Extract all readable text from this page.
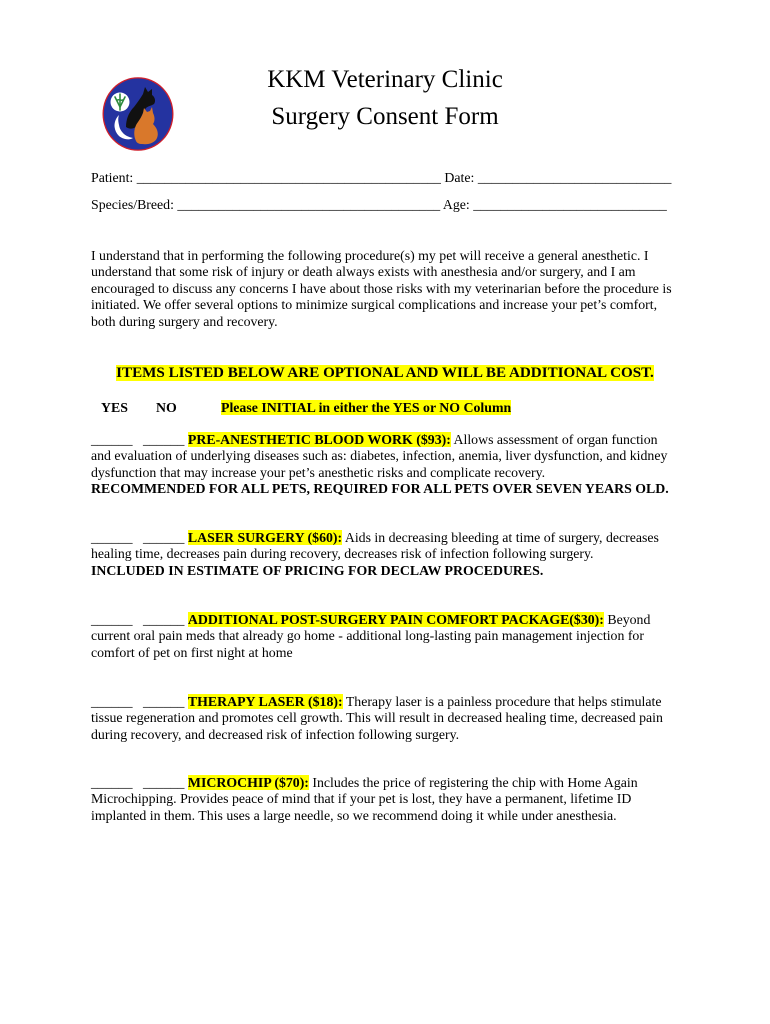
KKM Veterinary Clinic
Surgery Consent Form
Patient: ____________________________________________ Date: ____________________________
Species/Breed: ______________________________________ Age: ____________________________
I understand that in performing the following procedure(s) my pet will receive a general anesthetic. I
understand that some risk of injury or death always exists with anesthesia and/or surgery, and I am
encouraged to discuss any concerns I have about those risks with my veterinarian before the procedure is
initiated. We offer several options to minimize surgical complications and increase your pet’s comfort,
both during surgery and recovery.
ITEMS LISTED BELOW ARE OPTIONAL AND WILL BE ADDITIONAL COST.
YES NO	Please INITIAL in either the YES or NO Column
______ ______ PRE-ANESTHETIC BLOOD WORK ($93): Allows assessment of organ function
and evaluation of underlying diseases such as: diabetes, infection, anemia, liver dysfunction, and kidney
dysfunction that may increase your pet’s anesthetic risks and complicate recovery.
RECOMMENDED FOR ALL PETS, REQUIRED FOR ALL PETS OVER SEVEN YEARS OLD.
______ ______ LASER SURGERY ($60): Aids in decreasing bleeding at time of surgery, decreases
healing time, decreases pain during recovery, decreases risk of infection following surgery.
INCLUDED IN ESTIMATE OF PRICING FOR DECLAW PROCEDURES.
______ ______ ADDITIONAL POST-SURGERY PAIN COMFORT PACKAGE($30): Beyond
current oral pain meds that already go home - additional long-lasting pain management injection for
comfort of pet on first night at home
______ ______ THERAPY LASER ($18): Therapy laser is a painless procedure that helps stimulate
tissue regeneration and promotes cell growth. This will result in decreased healing time, decreased pain
during recovery, and decreased risk of infection following surgery.
______ ______ MICROCHIP ($70): Includes the price of registering the chip with Home Again
Microchipping. Provides peace of mind that if your pet is lost, they have a permanent, lifetime ID
implanted in them. This uses a large needle, so we recommend doing it while under anesthesia.
